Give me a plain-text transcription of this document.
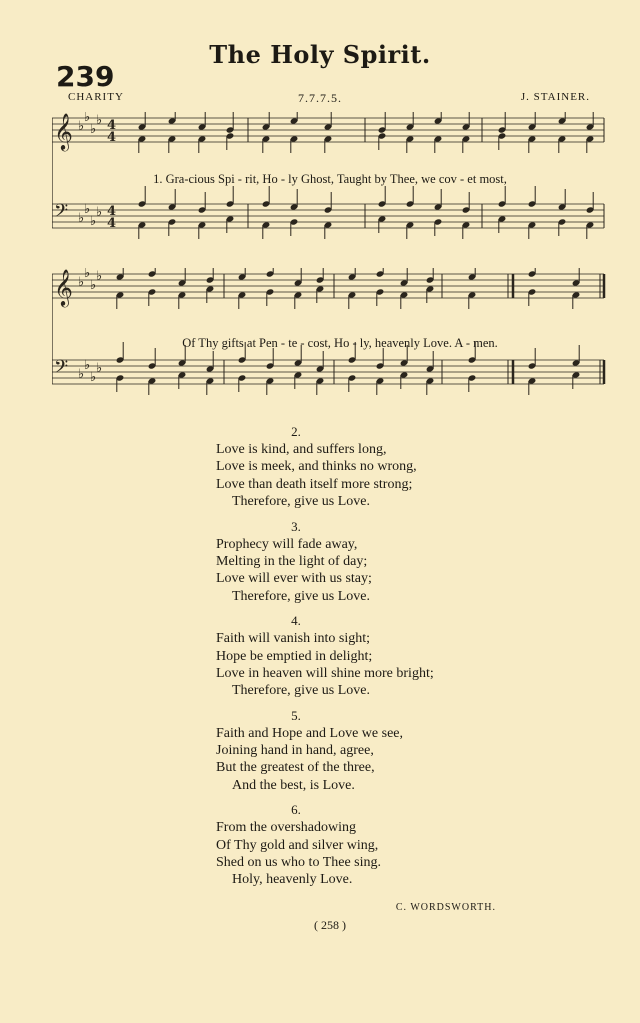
The Holy Spirit.
239
CHARITY	7.7.7.5.	J. STAINER.
𝄞
𝄢
♭
♭
♭
♭
♭
♭
♭
♭
4
4
4
4
1. Gra-cious Spi - rit, Ho - ly Ghost, Taught by Thee, we cov - et most,
𝄞
𝄢
♭
♭
♭
♭
♭
♭
♭
♭
Of Thy gifts at Pen - te - cost, Ho - ly, heavenly Love. A - men.
2.
Love is kind, and suffers long,
Love is meek, and thinks no wrong,
Love than death itself more strong;
Therefore, give us Love.
3.
Prophecy will fade away,
Melting in the light of day;
Love will ever with us stay;
Therefore, give us Love.
4.
Faith will vanish into sight;
Hope be emptied in delight;
Love in heaven will shine more bright;
Therefore, give us Love.
5.
Faith and Hope and Love we see,
Joining hand in hand, agree,
But the greatest of the three,
And the best, is Love.
6.
From the overshadowing
Of Thy gold and silver wing,
Shed on us who to Thee sing.
Holy, heavenly Love.
C. WORDSWORTH.
( 258 )
